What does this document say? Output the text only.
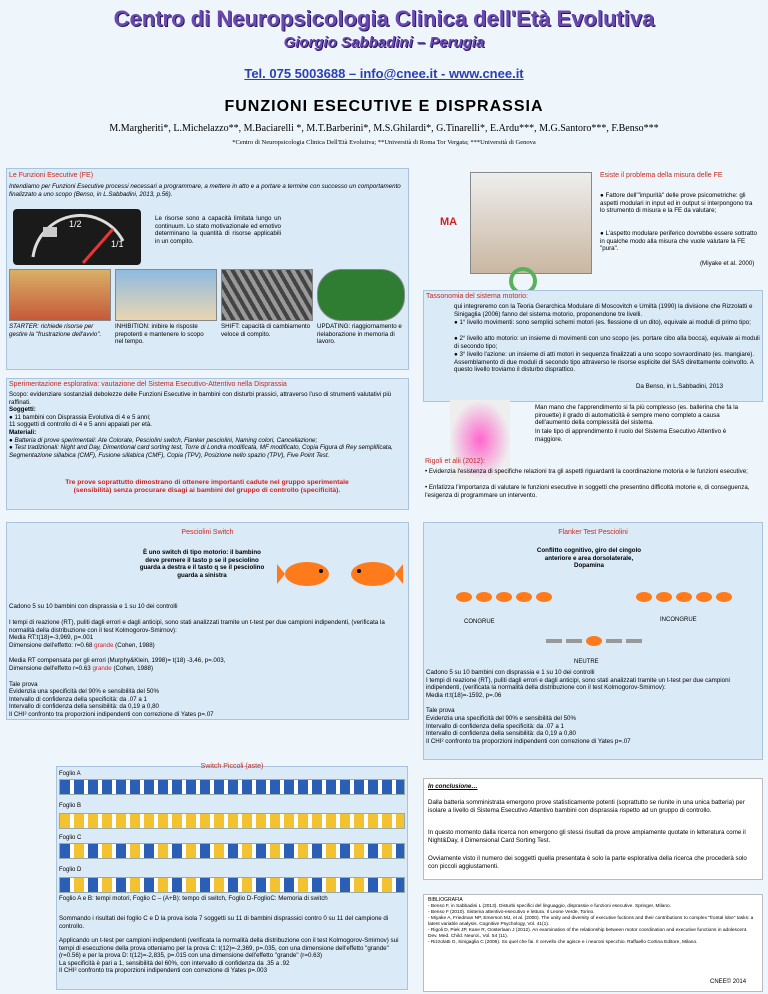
Centro di Neuropsicologia Clinica dell'Età Evolutiva
Giorgio Sabbadini – Perugia
Tel. 075 5003688 – info@cnee.it - www.cnee.it
FUNZIONI ESECUTIVE E DISPRASSIA
M.Margheriti*, L.Michelazzo**, M.Baciarelli *, M.T.Barberini*, M.S.Ghilardi*, G.Tinarelli*, E.Ardu***, M.G.Santoro***, F.Benso***
*Centro di Neuropsicologia Clinica Dell'Età Evolutiva; **Università di Roma Tor Vergata; ***Università di Genova
Le Funzioni Esecutive (FE)
Intendiamo per Funzioni Esecutive processi necessari a programmare, a mettere in atto e a portare a termine con successo un comportamento finalizzato a uno scopo (Benso, in L.Sabbadini, 2013, p.56).
1/2
1/1
Le risorse sono a capacità limitata lungo un continuum. Lo stato motivazionale ed emotivo determinano la quantità di risorse applicabili in un compito.
STARTER: richiede risorse per gestire la "frustrazione dell'avvio".
INHIBITION: inibire le risposte prepotenti e mantenere lo scopo nel tempo.
SHIFT: capacità di cambiamento veloce di compito.
UPDATING: riaggiornamento e rielaborazione in memoria di lavoro.
MA
Esiste il problema della misura delle FE
● Fattore dell'"impurità" delle prove psicometriche: gli aspetti modulari in input ed in output si interpongono tra lo strumento di misura e la FE da valutare;
● L'aspetto modulare periferico dovrebbe essere sottratto in qualche modo alla misura che vuole valutare la FE "pura".
(Miyake et al. 2000)
Tassonomia del sistema motorio:
qui integreremo con la Teoria Gerarchica Modulare di Moscovitch e Umiltà (1990) la divisione che Rizzolatti e Sinigaglia (2006) fanno del sistema motorio, proponendone tre livelli.
● 1° livello movimenti: sono semplici schemi motori (es. flessione di un dito), equivale ai moduli di primo tipo;
● 2° livello atto motorio: un insieme di movimenti con uno scopo (es. portare cibo alla bocca), equivale ai moduli di secondo tipo;
● 3° livello l'azione: un insieme di atti motori in sequenza finalizzati a uno scopo sovraordinato (es. mangiare). Assemblamento di due moduli di secondo tipo attraverso le risorse esplicite del SAS direttamente coinvolto. A questo livello troviamo il disturbo disprattico.
Da Benso, in L.Sabbadini, 2013
Sperimentazione esplorativa: vautazione del Sistema Esecutivo-Attentivo nella Disprassia
Scopo: evidenziare sostanziali debolezze delle Funzioni Esecutive in bambini con disturbi prassici, attraverso l'uso di strumenti valutativi più raffinati.
Soggetti:
● 11 bambini con Disprassia Evolutiva di 4 e 5 anni;
11 soggetti di controllo di 4 e 5 anni appaiati per età.
Materiali:
● Batteria di prove sperimentali: Ate Colorate, Pesciolini switch, Flanker pesciolini, Naming colori, Cancellazione;
● Test tradizionali: Night and Day, Dimentional card sorting test, Torre di Londra modificata, MF modificato, Copia Figura di Rey semplificata, Segmentazione sillabica (CMF), Fusione sillabica (CMF), Copia (TPV), Posizione nello spazio (TPV), Five Point Test.
Tre prove soprattutto dimostrano di ottenere importanti cadute nel gruppo sperimentale (sensibilità) senza procurare disagi ai bambini del gruppo di controllo (specificità).
Man mano che l'apprendimento si fa più complesso (es. ballerina che fa la pirouette) il grado di automaticità è sempre meno completo a causa dell'aumento della complessità del sistema.
In tale tipo di apprendimento il ruolo del Sistema Esecutivo Attentivo è maggiore.
Rigoli et alii (2012):
• Evidenzia l'esistenza di specifiche relazioni tra gli aspetti riguardanti la coordinazione motoria e le funzioni esecutive;
• Enfatizza l'importanza di valutare le funzioni esecutive in soggetti che presentino difficoltà motorie e, di conseguenza, l'esigenza di programmare un intervento.
Pesciolini Switch
È uno switch di tipo motorio: il bambino deve premere il tasto p se il pesciolino guarda a destra e il tasto q se il pesciolino guarda a sinistra
Cadono 5 su 10 bambini con disprassia e 1 su 10 dei controlli
I tempi di reazione (RT), puliti dagli errori e dagli anticipi, sono stati analizzati tramite un t-test per due campioni indipendenti, (verificata la normalità della distribuzione con il test Kolmogorov-Smirnov):
Media RT:t(18)=-3,969, p=.001
Dimensione dell'effetto: r=0.68 grande (Cohen, 1988)
Media RT compensata per gli errori (Murphy&Klein, 1998)= t(18) -3,46, p=.003,
Dimensione dell'effetto r=0.63 grande (Cohen, 1988)
Tale prova
Evidenzia una specificità del 90% e sensibilità del 50%
Intervallo di confidenza della specificità: da .07 a 1
Intervallo di confidenza della sensibilità: da 0,19 a 0,80
Il CHI² confronto tra proporzioni indipendenti con correzione di Yates p=.07
Flanker Test Pesciolini
Conflitto cognitivo, giro del cingolo anteriore e area dorsolaterale, Dopamina
CONGRUE	INCONGRUE
NEUTRE
Cadono 5 su 10 bambini con disprassia e 1 su 10 dei controlli
I tempi di reazione (RT), puliti dagli errori e dagli anticipi, sono stati analizzati tramite un t-test per due campioni indipendenti, (verificata la normalità della distribuzione con il test Kolmogorov-Smirnov):
Media rt:t(18)=-1592, p=.06
Tale prova
Evidenzia una specificità del 90% e sensibilità del 50%
Intervallo di confidenza della specificità: da .07 a 1
Intervallo di confidenza della sensibilità: da 0,19 a 0,80
Il CHI² confronto tra proporzioni indipendenti con correzione di Yates p=.07
Switch Piccoli (aste)
Foglio A
Foglio B
Foglio C
Foglio D
Foglio A e B: tempi motori, Foglio C – (A+B): tempo di switch, Foglio D-FoglioC: Memoria di switch
Sommando i risultati dei foglio C e D la prova isola 7 soggetti su 11 di bambini disprassici contro 0 su 11 del campione di controllo.
Applicando un t-test per campioni indipendenti (verificata la normalità della distribuzione con il test Kolmogorov-Smirnov) sui tempi di esecuzione della prova otteniamo per la prova C: t(12)=-2,369, p=.035, con una dimensione dell'effetto "grande" (r=0.56) e per la prova D: t(12)=-2,835, p=.015 con una dimensione dell'effetto "grande" (r=0.63)
La specificità è pari a 1, sensibilità del 60%, con intervallo di confidenza da .35 a .92
Il CHI² confronto tra proporzioni indipendenti con correzione di Yates p=.003
In conclusione…
Dalla batteria somministrata emergono prove statisticamente potenti (soprattutto se riunite in una unica batteria) per isolare a livello di Sistema Esecutivo Attentivo bambini con disprassia rispetto ad un gruppo di controllo.
In questo momento dalla ricerca non emergono gli stessi risultati da prove ampiamente quotate in letteratura come il Night&Day, il Dimensional Card Sorting Test.
Ovviamente visto il numero dei soggetti quella presentata è solo la parte esplorativa della ricerca che procederà solo con piccoli aggiustamenti.
BIBLIOGRAFIA
- Benso F, in Sabbadini L (2013). Disturbi specifici del linguaggio, disprassie e funzioni esecutive. Springer, Milano.
- Benso F (2010). Sistema attentivo-esecutivo e lettura. Il Leone Verde, Torino.
- Miyake A, Friedman NP, Emerson MJ, et al. (2000). The unity and diversity of executive fuctions and their contributions to complex "frontal lobe" tasks: a latent variable analysis. Cognitive Psychology, Vol. 41(1).
- Rigoli D, Piek JP, Kane R, Oosterlaan J (2012). An examination of the relationship between motor coordination and executive functions in adolescent. Dev. Med. Child. Neurol., Vol. 54 (11).
- Rizzolatti G, Sinigaglia C (2006). So quel che fai. Il cervello che agisce e i neuroni specchio. Raffaello Cortina Editore, Milano.
CNEE© 2014
